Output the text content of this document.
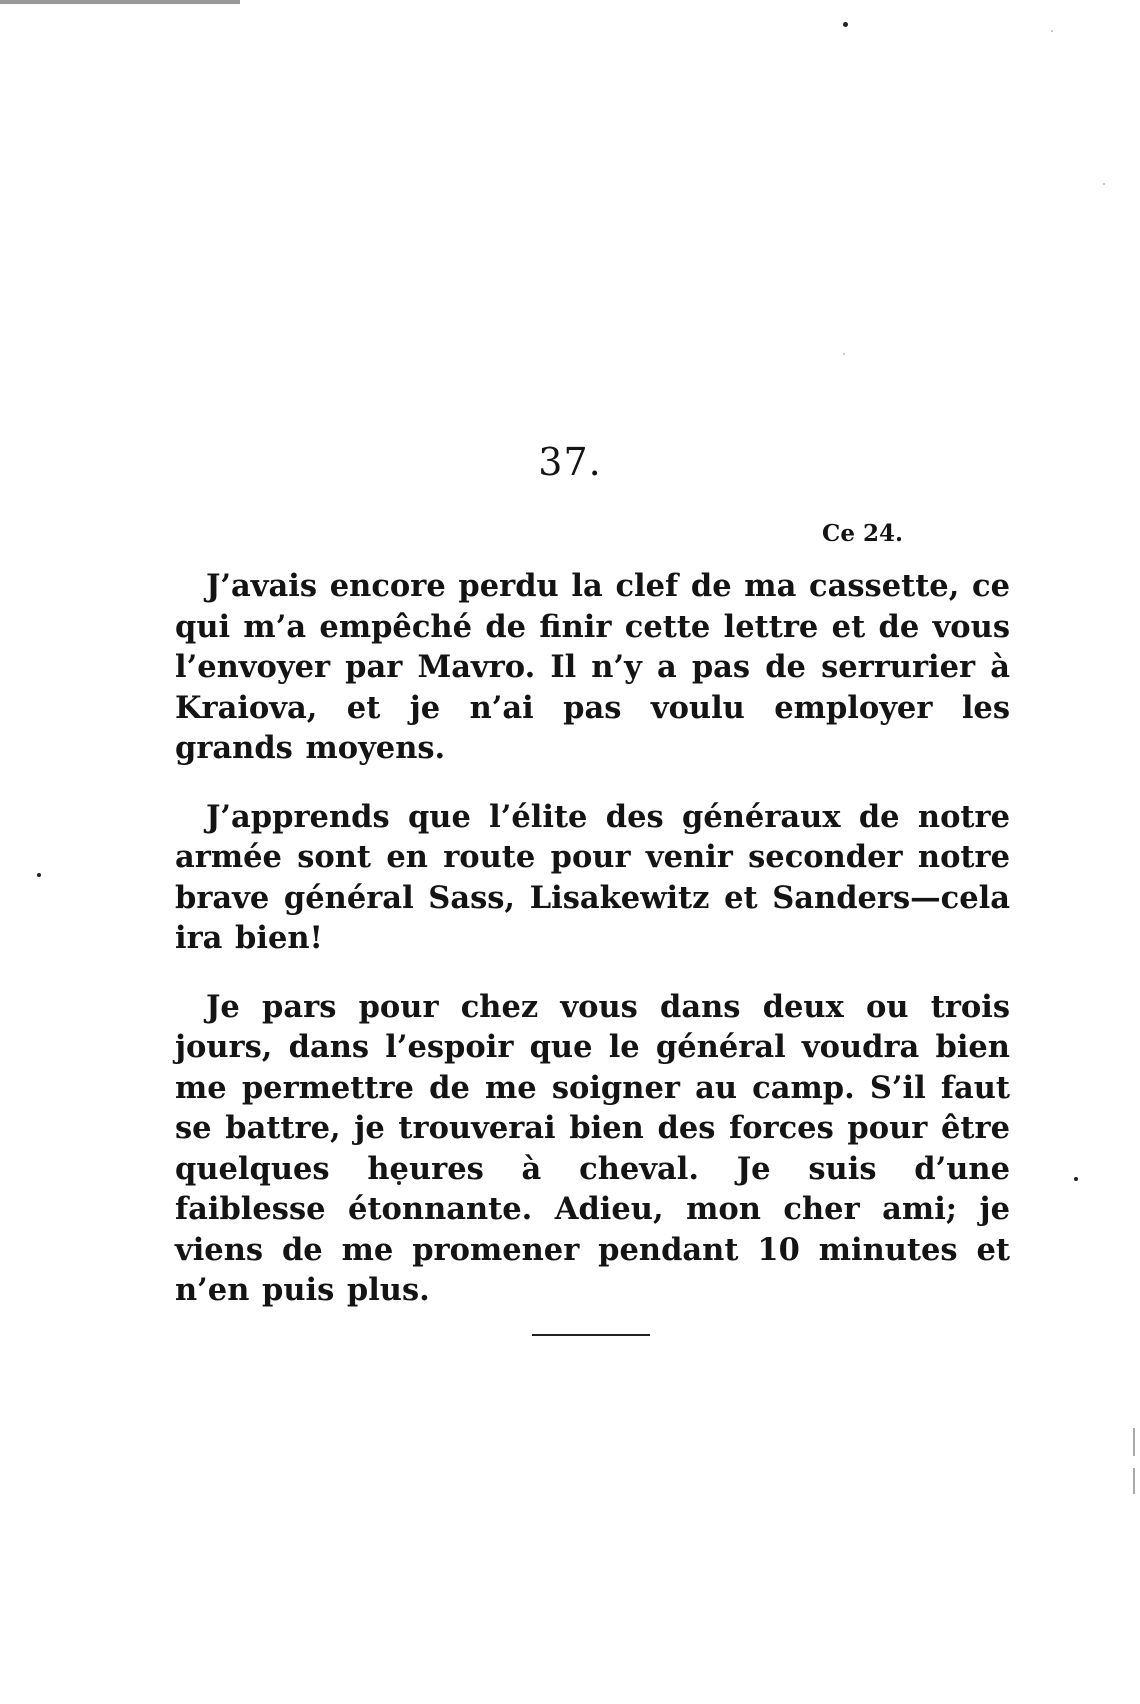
37.
Ce 24.

J’avais encore perdu la clef de ma cassette, ce qui m’a empêché de finir cette lettre et de vous l’envoyer par Mavro. Il n’y a pas de serrurier à Kraiova, et je n’ai pas voulu employer les grands moyens.

J’apprends que l’élite des généraux de notre armée sont en route pour venir seconder notre brave général Sass, Lisakewitz et Sanders—cela ira bien!

Je pars pour chez vous dans deux ou trois jours, dans l’espoir que le général voudra bien me permettre de me soigner au camp. S’il faut se battre, je trouverai bien des forces pour être quelques heures à cheval. Je suis d’une faiblesse étonnante. Adieu, mon cher ami; je viens de me promener pendant 10 minutes et n’en puis plus.
